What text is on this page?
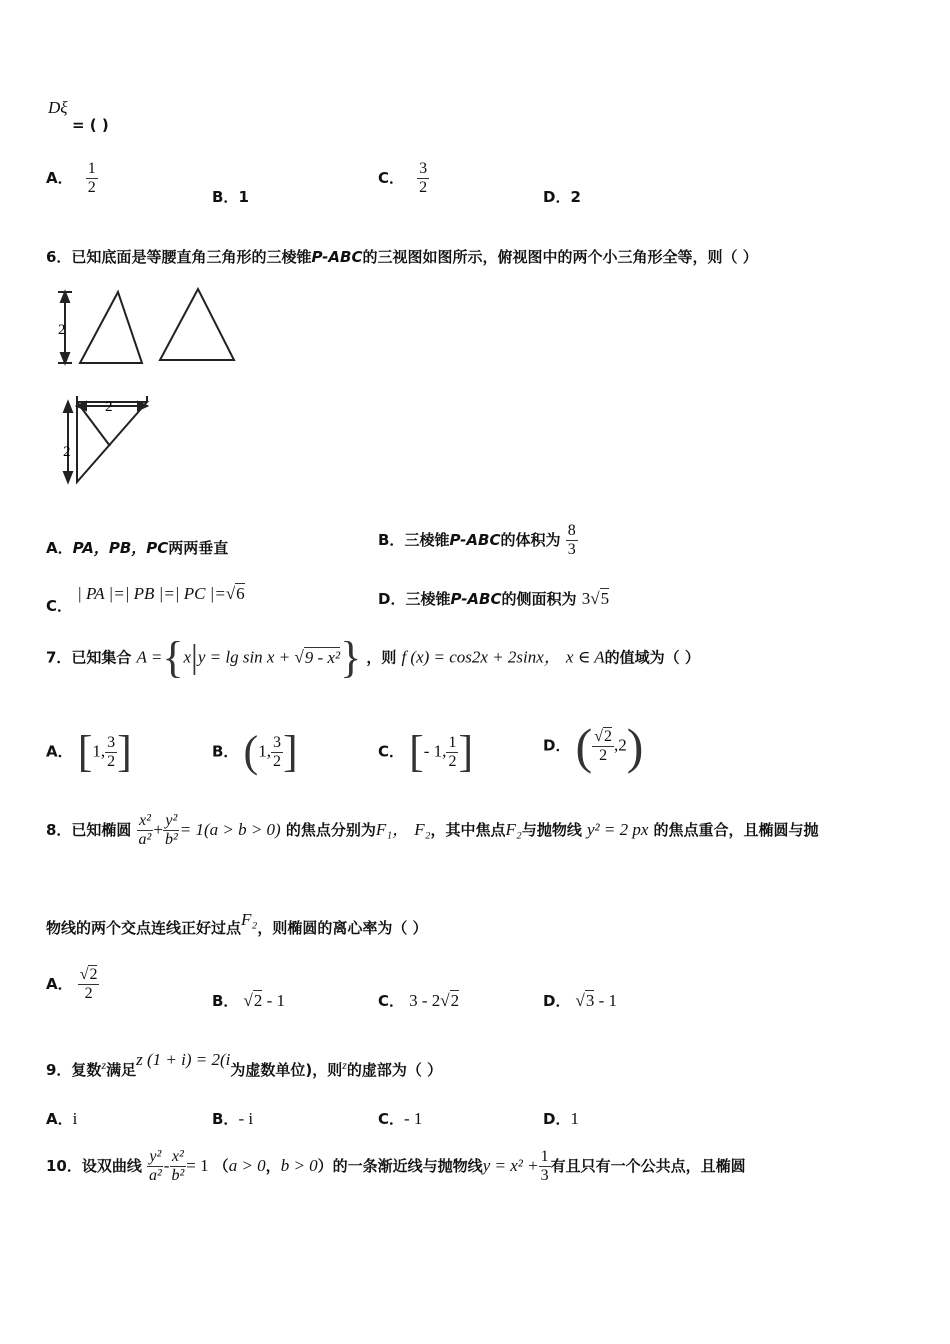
Dξ
= ( )
A． $\frac{1}{2}$	B．1
C． $\frac{3}{2}$	D．2
6．已知底面是等腰直角三角形的三棱锥P-ABC的三视图如图所示，俯视图中的两个小三角形全等，则（ ）
2
2
2
A．PA，PB，PC两两垂直	B．三棱锥P-ABC的体积为 $\frac{8}{3}$
C． | PA |=| PB |=| PC |=√6	D．三棱锥P-ABC的侧面积为 3√5
7．已知集合 A ={x|y = lg sin x + √9 - x²} ，则 f (x) = cos2x + 2sinx， x ∈ A的值域为（ ）
A． [1, $\frac{3}{2}$ ]	B． (1, $\frac{3}{2}$ ]	C． [- 1, $\frac{1}{2}$ ]	D． ( $\frac{√2}{2} ,2$)
8．已知椭圆 $\frac{\text{x²}}{\text{a²}} + \frac{\text{y²}}{\text{b²}} = 1(a > b > 0)$ 的焦点分别为F₁， F₂，其中焦点F₂与抛物线 y² = 2 px 的焦点重合，且椭圆与抛
物线的两个交点连线正好过点F₂，则椭圆的离心率为（ ）
A． $\frac{√2}{2}$	B． √2 - 1	C． 3 - 2√2	D． √3 - 1
9．复数$^z$满足z (1 + i) = 2(i为虚数单位)，则$^z$的虚部为（ ）
A．i	B．- i	C．- 1	D．1
10．设双曲线 $\frac{\text{y²}}{\text{a²}} - \frac{\text{x²}}{\text{b²}} = 1$ （a > 0，b > 0）的一条渐近线与抛物线$y = x^2 + \frac{1}{3}$ 有且只有一个公共点，且椭圆
